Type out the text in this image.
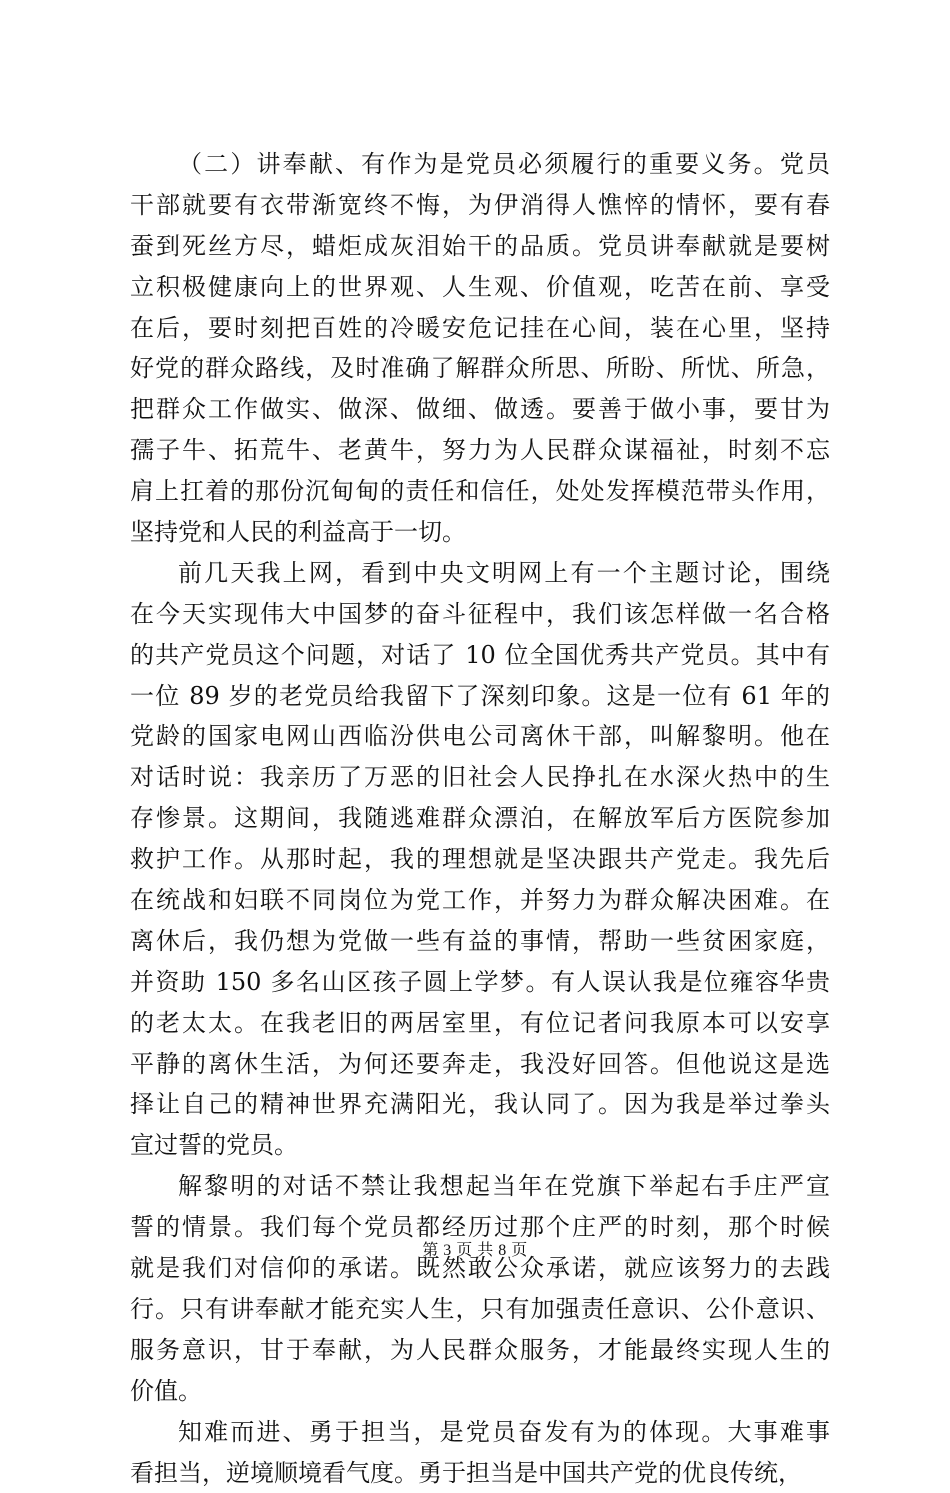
（二）讲奉献、有作为是党员必须履行的重要义务。党员
干部就要有衣带渐宽终不悔，为伊消得人憔悴的情怀，要有春
蚕到死丝方尽，蜡炬成灰泪始干的品质。党员讲奉献就是要树
立积极健康向上的世界观、人生观、价值观，吃苦在前、享受
在后，要时刻把百姓的冷暖安危记挂在心间，装在心里，坚持
好党的群众路线，及时准确了解群众所思、所盼、所忧、所急，
把群众工作做实、做深、做细、做透。要善于做小事，要甘为
孺子牛、拓荒牛、老黄牛，努力为人民群众谋福祉，时刻不忘
肩上扛着的那份沉甸甸的责任和信任，处处发挥模范带头作用，
坚持党和人民的利益高于一切。
前几天我上网，看到中央文明网上有一个主题讨论，围绕
在今天实现伟大中国梦的奋斗征程中，我们该怎样做一名合格
的共产党员这个问题，对话了 10 位全国优秀共产党员。其中有
一位 89 岁的老党员给我留下了深刻印象。这是一位有 61 年的
党龄的国家电网山西临汾供电公司离休干部，叫解黎明。他在
对话时说：我亲历了万恶的旧社会人民挣扎在水深火热中的生
存惨景。这期间，我随逃难群众漂泊，在解放军后方医院参加
救护工作。从那时起，我的理想就是坚决跟共产党走。我先后
在统战和妇联不同岗位为党工作，并努力为群众解决困难。在
离休后，我仍想为党做一些有益的事情，帮助一些贫困家庭，
并资助 150 多名山区孩子圆上学梦。有人误认我是位雍容华贵
的老太太。在我老旧的两居室里，有位记者问我原本可以安享
平静的离休生活，为何还要奔走，我没好回答。但他说这是选
择让自己的精神世界充满阳光，我认同了。因为我是举过拳头
宣过誓的党员。
解黎明的对话不禁让我想起当年在党旗下举起右手庄严宣
誓的情景。我们每个党员都经历过那个庄严的时刻，那个时候
就是我们对信仰的承诺。既然敢公众承诺，就应该努力的去践
行。只有讲奉献才能充实人生，只有加强责任意识、公仆意识、
服务意识，甘于奉献，为人民群众服务，才能最终实现人生的
价值。
知难而进、勇于担当，是党员奋发有为的体现。大事难事
看担当，逆境顺境看气度。勇于担当是中国共产党的优良传统，
第 3 页 共 8 页
